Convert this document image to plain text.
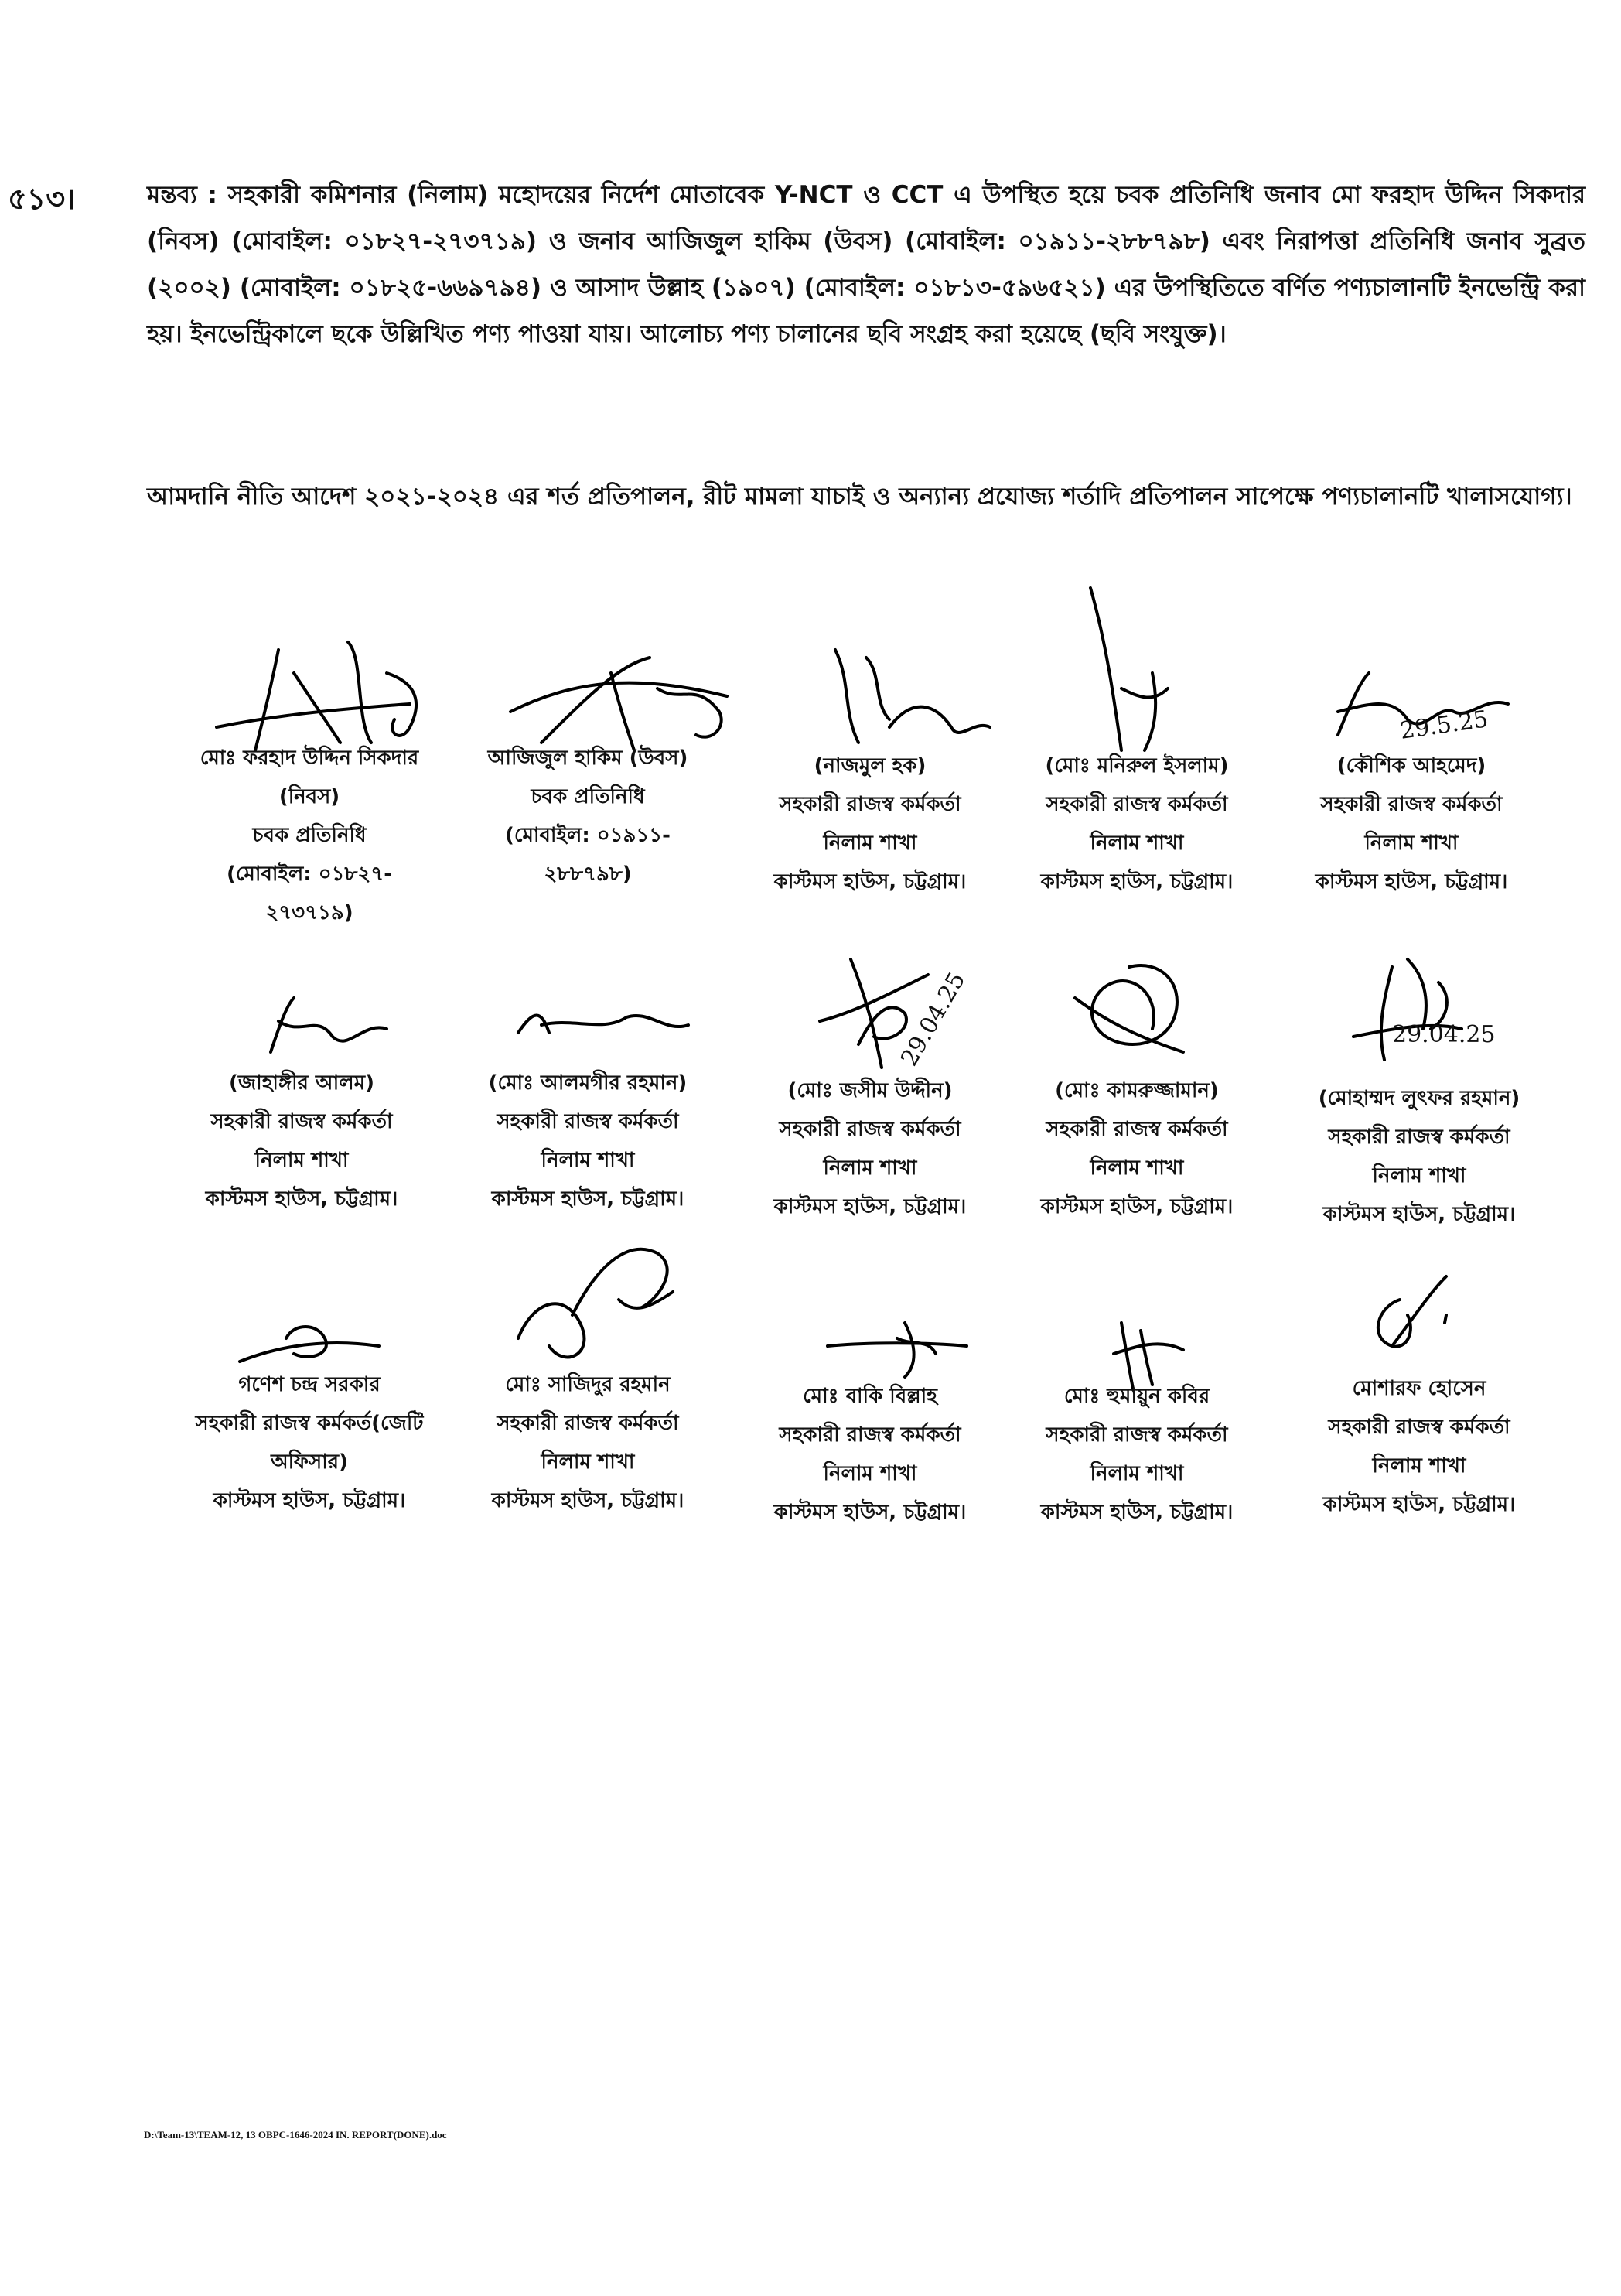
৫১৩।	মন্তব্য : সহকারী কমিশনার (নিলাম) মহোদয়ের নির্দেশ মোতাবেক Y-NCT ও CCT এ উপস্থিত হয়ে চবক প্রতিনিধি জনাব মো ফরহাদ উদ্দিন সিকদার (নিবস) (মোবাইল: ০১৮২৭-২৭৩৭১৯) ও জনাব আজিজুল হাকিম (উবস) (মোবাইল: ০১৯১১-২৮৮৭৯৮) এবং নিরাপত্তা প্রতিনিধি জনাব সুব্রত (২০০২) (মোবাইল: ০১৮২৫-৬৬৯৭৯৪) ও আসাদ উল্লাহ (১৯০৭) (মোবাইল: ০১৮১৩-৫৯৬৫২১) এর উপস্থিতিতে বর্ণিত পণ্যচালানটি ইনভেন্ট্রি করা হয়। ইনভেন্ট্রিকালে ছকে উল্লিখিত পণ্য পাওয়া যায়। আলোচ্য পণ্য চালানের ছবি সংগ্রহ করা হয়েছে (ছবি সংযুক্ত)।

আমদানি নীতি আদেশ ২০২১-২০২৪ এর শর্ত প্রতিপালন, রীট মামলা যাচাই ও অন্যান্য প্রযোজ্য শর্তাদি প্রতিপালন সাপেক্ষে পণ্যচালানটি খালাসযোগ্য।

মোঃ ফরহাদ উদ্দিন সিকদার
(নিবস)
চবক প্রতিনিধি
(মোবাইল: ০১৮২৭-
২৭৩৭১৯)
আজিজুল হাকিম (উবস)
চবক প্রতিনিধি
(মোবাইল: ০১৯১১-
২৮৮৭৯৮)
(নাজমুল হক)
সহকারী রাজস্ব কর্মকর্তা
নিলাম শাখা
কাস্টমস হাউস, চট্টগ্রাম।
(মোঃ মনিরুল ইসলাম)
সহকারী রাজস্ব কর্মকর্তা
নিলাম শাখা
কাস্টমস হাউস, চট্টগ্রাম।
29.5.25
(কৌশিক আহমেদ)
সহকারী রাজস্ব কর্মকর্তা
নিলাম শাখা
কাস্টমস হাউস, চট্টগ্রাম।
(জাহাঙ্গীর আলম)
সহকারী রাজস্ব কর্মকর্তা
নিলাম শাখা
কাস্টমস হাউস, চট্টগ্রাম।
(মোঃ আলমগীর রহমান)
সহকারী রাজস্ব কর্মকর্তা
নিলাম শাখা
কাস্টমস হাউস, চট্টগ্রাম।
29.04.25
(মোঃ জসীম উদ্দীন)
সহকারী রাজস্ব কর্মকর্তা
নিলাম শাখা
কাস্টমস হাউস, চট্টগ্রাম।
(মোঃ কামরুজ্জামান)
সহকারী রাজস্ব কর্মকর্তা
নিলাম শাখা
কাস্টমস হাউস, চট্টগ্রাম।
29.04.25
(মোহাম্মদ লুৎফর রহমান)
সহকারী রাজস্ব কর্মকর্তা
নিলাম শাখা
কাস্টমস হাউস, চট্টগ্রাম।
গণেশ চন্দ্র সরকার
সহকারী রাজস্ব কর্মকর্ত(জেটি
অফিসার)
কাস্টমস হাউস, চট্টগ্রাম।
মোঃ সাজিদুর রহমান
সহকারী রাজস্ব কর্মকর্তা
নিলাম শাখা
কাস্টমস হাউস, চট্টগ্রাম।
মোঃ বাকি বিল্লাহ
সহকারী রাজস্ব কর্মকর্তা
নিলাম শাখা
কাস্টমস হাউস, চট্টগ্রাম।
মোঃ হুমায়ুন কবির
সহকারী রাজস্ব কর্মকর্তা
নিলাম শাখা
কাস্টমস হাউস, চট্টগ্রাম।
মোশারফ হোসেন
সহকারী রাজস্ব কর্মকর্তা
নিলাম শাখা
কাস্টমস হাউস, চট্টগ্রাম।
D:\Team-13\TEAM-12, 13 OBPC-1646-2024 IN. REPORT(DONE).doc
